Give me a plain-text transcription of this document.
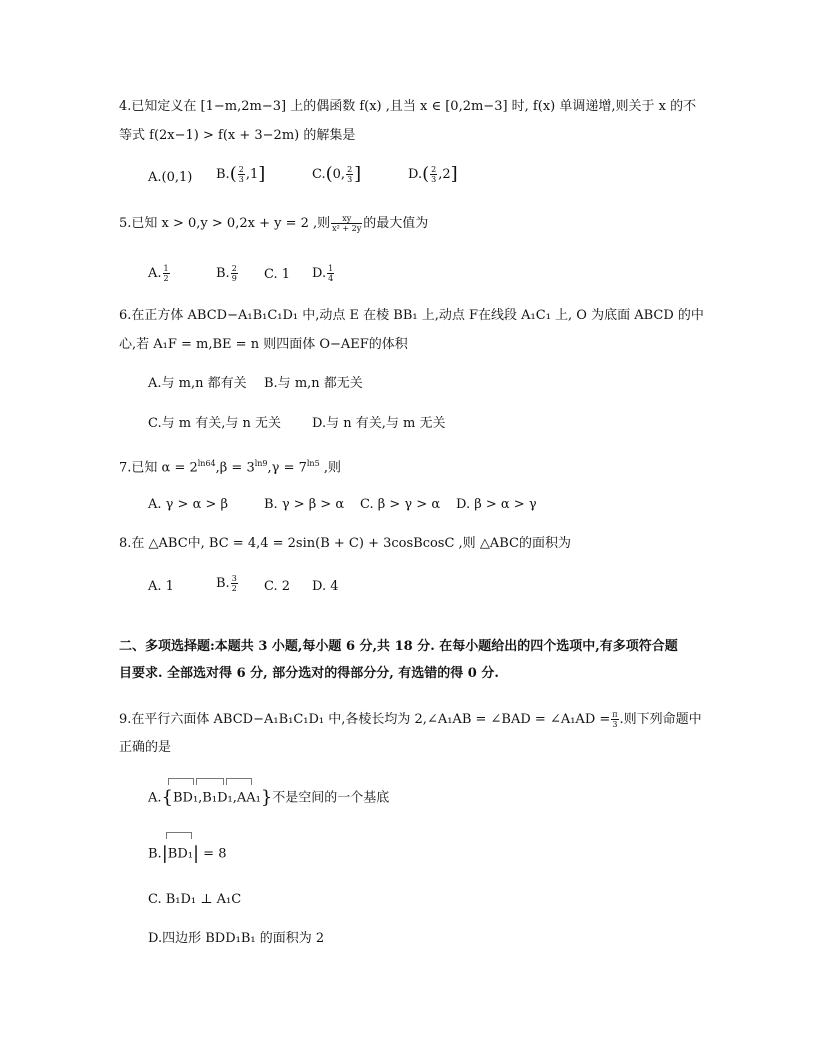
4.已知定义在 [1−m,2m−3] 上的偶函数 f(x) ,且当 x ∈ [0,2m−3] 时, f(x) 单调递增,则关于 x 的不
等式 f(2x−1) > f(x + 3−2m) 的解集是
A.(0,1) $B.( \frac{2}{3} ,1]$	C.(0, $\frac{2}{3}$ ]	$D.( \frac{2}{3} ,2]$
5.已知 x > 0,y > 0,2x + y = 2 ,则 $\frac{xy}{\text{x² + 2y}}$ 的最大值为
A. $\frac{1}{2}$	B. $\frac{2}{9} C$. 1 D. $\frac{1}{4}$
6.在正方体 ABCD−A₁B₁C₁D₁ 中,动点 E 在棱 BB₁ 上,动点 F在线段 A₁C₁ 上, O 为底面 ABCD 的中
心,若 A₁F = m,BE = n 则四面体 O−AEF的体积
A.与 m,n 都有关 B.与 m,n 都无关
C.与 m 有关,与 n 无关 D.与 n 有关,与 m 无关
7.已知 $\alpha = 2^{ln64},\beta = 3^{ln9},\gamma = 7^{ln5}$ ,则
A. γ > α > β	B. γ > β > α C. β > γ > α D. β > α > γ
8.在 △ABC中, BC = 4,4 = 2sin(B + C) + 3cosBcosC ,则 △ABC的面积为
A. 1	B. $\frac{3}{2} C$. 2 D. 4
二、多项选择题:本题共 3 小题,每小题 6 分,共 18 分. 在每小题给出的四个选项中,有多项符合题
目要求. 全部选对得 6 分, 部分选对的得部分分, 有选错的得 0 分.
9.在平行六面体 ABCD−A₁B₁C₁D₁ 中,各棱长均为 2,∠A₁AB = ∠BAD = ∠A₁AD = $\frac{\pi}{3}$ .则下列命题中
正确的是
A.{BD₁,B₁D₁,AA₁}不是空间的一个基底
B.|BD₁| = 8
C. B₁D₁ ⊥ A₁C
D.四边形 BDD₁B₁ 的面积为 2
